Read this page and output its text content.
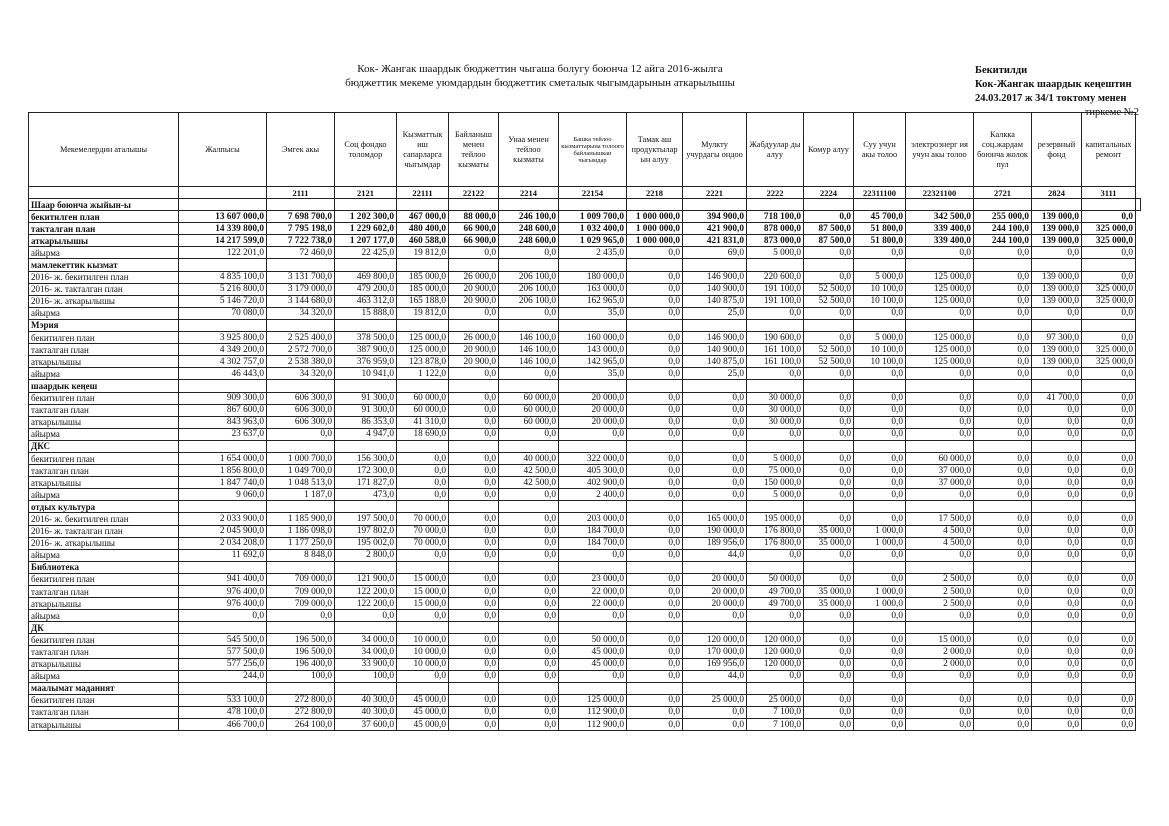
Кок- Жангак шаардык бюджеттин чыгаша болугу боюнча 12 айга 2016-жылга
бюджеттик мекеме уюмдардын бюджеттик сметалык чыгымдарынын аткарылышы
Бекитилди
Кок-Жангак шаардык кеңештин
24.03.2017 ж 34/1 токтому менен
тиркеме №2
Мекемелердин аталышы	Жалпысы	Эмгек акы	Соц фондко толомдор	Кызматтык иш сапарларга чыгымдар	Байланыш менен тейлоо кызматы	Унаа менен тейлоо кызматы	Башка тейлоо кызматтарына толоого байланышкан чыгымдар	Тамак аш продуктылар ын алуу	Мулкту учурдагы ондоо	Жабдуулар ды алуу	Комур алуу	Суу учун акы толоо	электроэнерг ия учун акы толоо	Калкка соц.жардам боюнча жолок пул	резервный фонд	капитальных ремонт	
		2111	2121	22111	22122	2214	22154	2218	2221	2222	2224	22311100	22321100	2721	2824	3111	
Шаар боюнча жыйын-ы																	
бекитилген план	13 607 000,0	7 698 700,0	1 202 300,0	467 000,0	88 000,0	246 100,0	1 009 700,0	1 000 000,0	394 900,0	718 100,0	0,0	45 700,0	342 500,0	255 000,0	139 000,0	0,0	
такталган план	14 339 800,0	7 795 198,0	1 229 602,0	480 400,0	66 900,0	248 600,0	1 032 400,0	1 000 000,0	421 900,0	878 000,0	87 500,0	51 800,0	339 400,0	244 100,0	139 000,0	325 000,0	
аткарылышы	14 217 599,0	7 722 738,0	1 207 177,0	460 588,0	66 900,0	248 600,0	1 029 965,0	1 000 000,0	421 831,0	873 000,0	87 500,0	51 800,0	339 400,0	244 100,0	139 000,0	325 000,0	
айырма	122 201,0	72 460,0	22 425,0	19 812,0	0,0	0,0	2 435,0	0,0	69,0	5 000,0	0,0	0,0	0,0	0,0	0,0	0,0	
мамлекеттик кызмат																	
2016- ж. бекитилген план	4 835 100,0	3 131 700,0	469 800,0	185 000,0	26 000,0	206 100,0	180 000,0	0,0	146 900,0	220 600,0	0,0	5 000,0	125 000,0	0,0	139 000,0	0,0	
2016- ж. такталган план	5 216 800,0	3 179 000,0	479 200,0	185 000,0	20 900,0	206 100,0	163 000,0	0,0	140 900,0	191 100,0	52 500,0	10 100,0	125 000,0	0,0	139 000,0	325 000,0	
2016- ж. аткарылышы	5 146 720,0	3 144 680,0	463 312,0	165 188,0	20 900,0	206 100,0	162 965,0	0,0	140 875,0	191 100,0	52 500,0	10 100,0	125 000,0	0,0	139 000,0	325 000,0	
айырма	70 080,0	34 320,0	15 888,0	19 812,0	0,0	0,0	35,0	0,0	25,0	0,0	0,0	0,0	0,0	0,0	0,0	0,0	
Мэрия																	
бекитилген план	3 925 800,0	2 525 400,0	378 500,0	125 000,0	26 000,0	146 100,0	160 000,0	0,0	146 900,0	190 600,0	0,0	5 000,0	125 000,0	0,0	97 300,0	0,0	
такталган план	4 349 200,0	2 572 700,0	387 900,0	125 000,0	20 900,0	146 100,0	143 000,0	0,0	140 900,0	161 100,0	52 500,0	10 100,0	125 000,0	0,0	139 000,0	325 000,0	
аткарылышы	4 302 757,0	2 538 380,0	376 959,0	123 878,0	20 900,0	146 100,0	142 965,0	0,0	140 875,0	161 100,0	52 500,0	10 100,0	125 000,0	0,0	139 000,0	325 000,0	
айырма	46 443,0	34 320,0	10 941,0	1 122,0	0,0	0,0	35,0	0,0	25,0	0,0	0,0	0,0	0,0	0,0	0,0	0,0	
шаардык кеңеш																	
бекитилген план	909 300,0	606 300,0	91 300,0	60 000,0	0,0	60 000,0	20 000,0	0,0	0,0	30 000,0	0,0	0,0	0,0	0,0	41 700,0	0,0	
такталган план	867 600,0	606 300,0	91 300,0	60 000,0	0,0	60 000,0	20 000,0	0,0	0,0	30 000,0	0,0	0,0	0,0	0,0	0,0	0,0	
аткарылышы	843 963,0	606 300,0	86 353,0	41 310,0	0,0	60 000,0	20 000,0	0,0	0,0	30 000,0	0,0	0,0	0,0	0,0	0,0	0,0	
айырма	23 637,0	0,0	4 947,0	18 690,0	0,0	0,0	0,0	0,0	0,0	0,0	0,0	0,0	0,0	0,0	0,0	0,0	
ДКС																	
бекитилген план	1 654 000,0	1 000 700,0	156 300,0	0,0	0,0	40 000,0	322 000,0	0,0	0,0	5 000,0	0,0	0,0	60 000,0	0,0	0,0	0,0	
такталган план	1 856 800,0	1 049 700,0	172 300,0	0,0	0,0	42 500,0	405 300,0	0,0	0,0	75 000,0	0,0	0,0	37 000,0	0,0	0,0	0,0	
аткарылышы	1 847 740,0	1 048 513,0	171 827,0	0,0	0,0	42 500,0	402 900,0	0,0	0,0	150 000,0	0,0	0,0	37 000,0	0,0	0,0	0,0	
айырма	9 060,0	1 187,0	473,0	0,0	0,0	0,0	2 400,0	0,0	0,0	5 000,0	0,0	0,0	0,0	0,0	0,0	0,0	
отдых культура																	
2016- ж. бекитилген план	2 033 900,0	1 185 900,0	197 500,0	70 000,0	0,0	0,0	203 000,0	0,0	165 000,0	195 000,0	0,0	0,0	17 500,0	0,0	0,0	0,0	
2016- ж. такталган план	2 045 900,0	1 186 098,0	197 802,0	70 000,0	0,0	0,0	184 700,0	0,0	190 000,0	176 800,0	35 000,0	1 000,0	4 500,0	0,0	0,0	0,0	
2016- ж. аткарылышы	2 034 208,0	1 177 250,0	195 002,0	70 000,0	0,0	0,0	184 700,0	0,0	189 956,0	176 800,0	35 000,0	1 000,0	4 500,0	0,0	0,0	0,0	
айырма	11 692,0	8 848,0	2 800,0	0,0	0,0	0,0	0,0	0,0	44,0	0,0	0,0	0,0	0,0	0,0	0,0	0,0	
Библиотека																	
бекитилген план	941 400,0	709 000,0	121 900,0	15 000,0	0,0	0,0	23 000,0	0,0	20 000,0	50 000,0	0,0	0,0	2 500,0	0,0	0,0	0,0	
такталган план	976 400,0	709 000,0	122 200,0	15 000,0	0,0	0,0	22 000,0	0,0	20 000,0	49 700,0	35 000,0	1 000,0	2 500,0	0,0	0,0	0,0	
аткарылышы	976 400,0	709 000,0	122 200,0	15 000,0	0,0	0,0	22 000,0	0,0	20 000,0	49 700,0	35 000,0	1 000,0	2 500,0	0,0	0,0	0,0	
айырма	0,0	0,0	0,0	0,0	0,0	0,0	0,0	0,0	0,0	0,0	0,0	0,0	0,0	0,0	0,0	0,0	
ДК																	
бекитилген план	545 500,0	196 500,0	34 000,0	10 000,0	0,0	0,0	50 000,0	0,0	120 000,0	120 000,0	0,0	0,0	15 000,0	0,0	0,0	0,0	
такталган план	577 500,0	196 500,0	34 000,0	10 000,0	0,0	0,0	45 000,0	0,0	170 000,0	120 000,0	0,0	0,0	2 000,0	0,0	0,0	0,0	
аткарылышы	577 256,0	196 400,0	33 900,0	10 000,0	0,0	0,0	45 000,0	0,0	169 956,0	120 000,0	0,0	0,0	2 000,0	0,0	0,0	0,0	
айырма	244,0	100,0	100,0	0,0	0,0	0,0	0,0	0,0	44,0	0,0	0,0	0,0	0,0	0,0	0,0	0,0	
маалымат маданият																	
бекитилген план	533 100,0	272 800,0	40 300,0	45 000,0	0,0	0,0	125 000,0	0,0	25 000,0	25 000,0	0,0	0,0	0,0	0,0	0,0	0,0	
такталган план	478 100,0	272 800,0	40 300,0	45 000,0	0,0	0,0	112 900,0	0,0	0,0	7 100,0	0,0	0,0	0,0	0,0	0,0	0,0	
аткарылышы	466 700,0	264 100,0	37 600,0	45 000,0	0,0	0,0	112 900,0	0,0	0,0	7 100,0	0,0	0,0	0,0	0,0	0,0	0,0	
